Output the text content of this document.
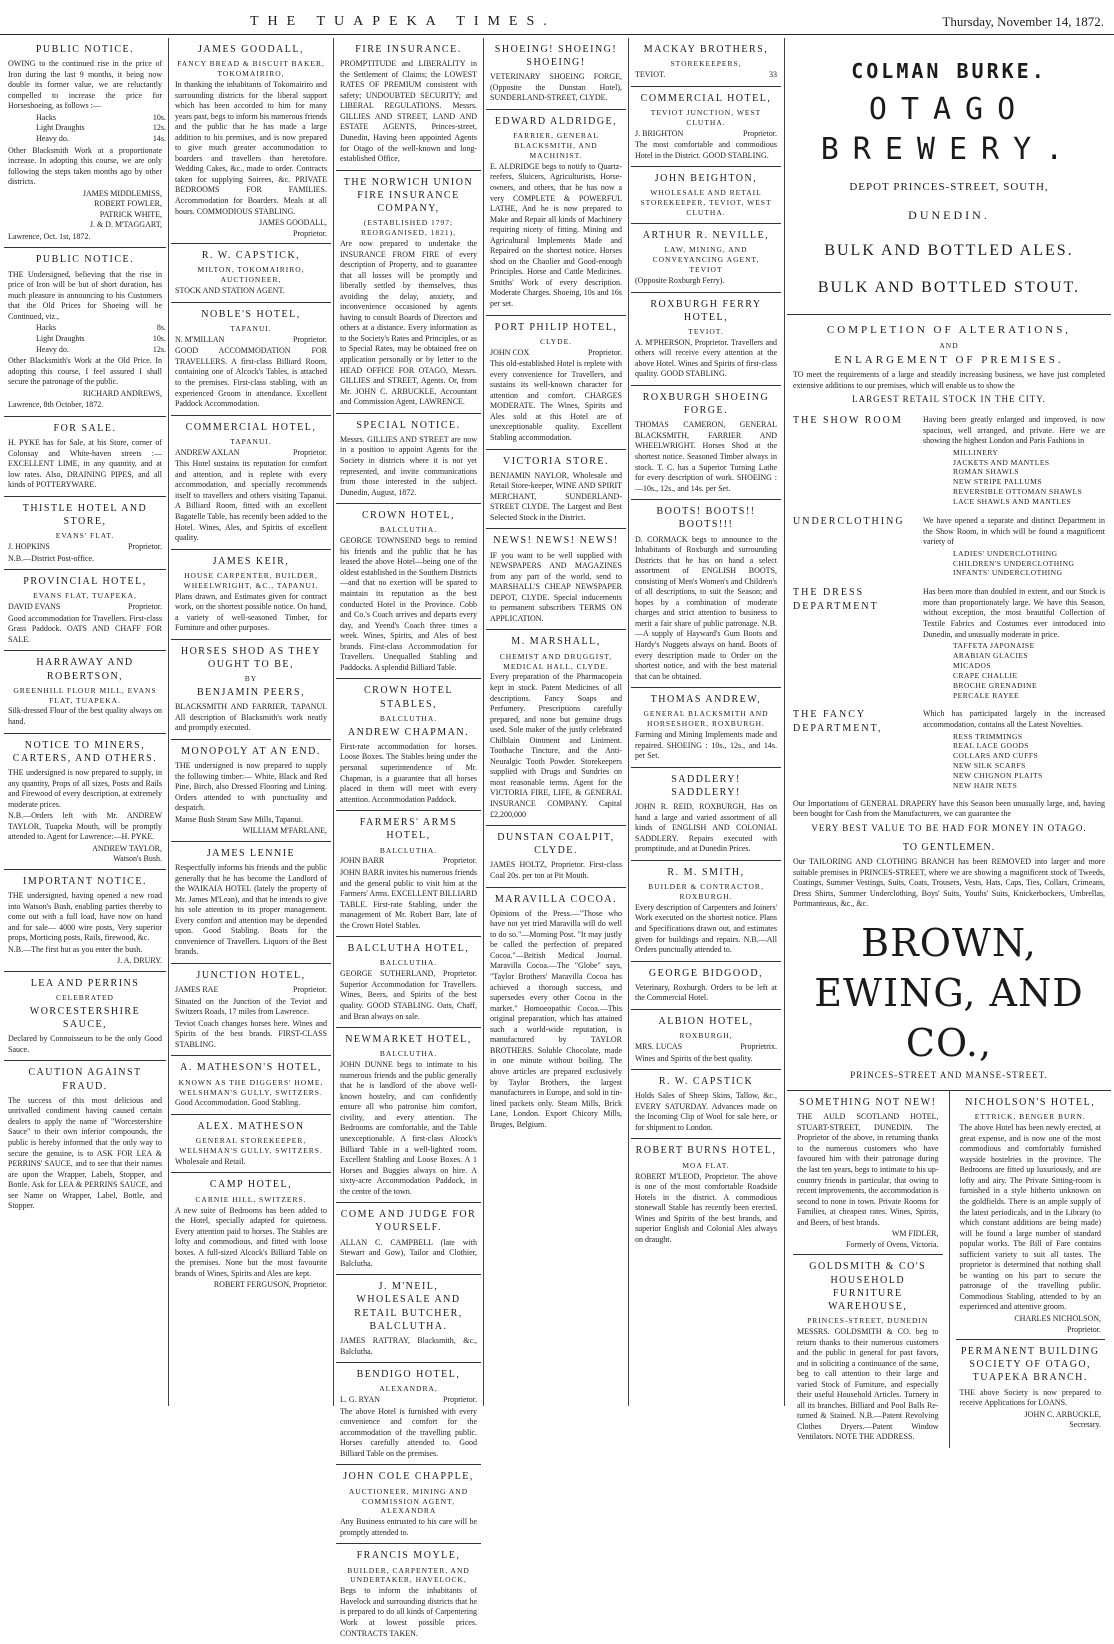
THE TUAPEKA TIMES.	Thursday, November 14, 1872.
PUBLIC NOTICE.
OWING to the continued rise in the price of Iron during the last 9 months, it being now double its former value, we are reluctantly compelled to increase the price for Horseshoeing, as follows :—
Hacks	10s.
Light Draughts	12s.
Heavy do.	14s.
Other Blacksmith Work at a proportionate increase. In adopting this course, we are only following the steps taken months ago by other districts.
JAMES MIDDLEMISS,
ROBERT FOWLER,
PATRICK WHITE,
J. & D. M'TAGGART,
Lawrence, Oct. 1st, 1872.
PUBLIC NOTICE.
THE Undersigned, believing that the rise in price of Iron will be but of short duration, has much pleasure in announcing to his Customers that the Old Prices for Shoeing will be Continued, viz.,
Hacks	8s.
Light Draughts	10s.
Heavy do.	12s.
Other Blacksmith's Work at the Old Price. In adopting this course, I feel assured I shall secure the patronage of the public.
RICHARD ANDREWS,
Lawrence, 8th October, 1872.
FOR SALE.
H. PYKE has for Sale, at his Store, corner of Colonsay and White-haven streets :— EXCELLENT LIME, in any quantity, and at low rates. Also, DRAINING PIPES, and all kinds of POTTERYWARE.
THISTLE HOTEL AND STORE,
EVANS' FLAT.
J. HOPKINS	Proprietor.
N.B.—District Post-office.
PROVINCIAL HOTEL,
EVANS FLAT, TUAPEKA,
DAVID EVANS	Proprietor.
Good accommodation for Travellers. First-class Grass Paddock. OATS AND CHAFF FOR SALE.
HARRAWAY AND ROBERTSON,
GREENHILL FLOUR MILL, EVANS FLAT, TUAPEKA.
Silk-dressed Flour of the best quality always on hand.
NOTICE TO MINERS, CARTERS, AND OTHERS.
THE undersigned is now prepared to supply, in any quantity, Props of all sizes, Posts and Rails and Firewood of every description, at extremely moderate prices.
N.B.—Orders left with Mr. ANDREW TAYLOR, Tuapeka Mouth, will be promptly attended to. Agent for Lawrence:—H. PYKE.
ANDREW TAYLOR,
Watson's Bush.
IMPORTANT NOTICE.
THE undersigned, having opened a new road into Watson's Bush, enabling parties thereby to come out with a full load, have now on hand and for sale— 4000 wire posts, Very superior props, Morticing posts, Rails, firewood, &c.
N.B.—The first hut as you enter the bush.
J. A. DRURY.
LEA AND PERRINS
CELEBRATED
WORCESTERSHIRE SAUCE,
Declared by Connoisseurs to be the only Good Sauce.
CAUTION AGAINST FRAUD.
The success of this most delicious and unrivalled condiment having caused certain dealers to apply the name of "Worcestershire Sauce" to their own inferior compounds, the public is hereby informed that the only way to secure the genuine, is to ASK FOR LEA & PERRINS' SAUCE, and to see that their names are upon the Wrapper, Labels, Stopper, and Bottle. Ask for LEA & PERRINS SAUCE, and see Name on Wrapper, Label, Bottle, and Stopper.
JAMES GOODALL,
FANCY BREAD & BISCUIT BAKER, TOKOMAIRIRO,
In thanking the inhabitants of Tokomairiro and surrounding districts for the liberal support which has been accorded to him for many years past, begs to inform his numerous friends and the public that he has made a large addition to his premises, and is now prepared to give much greater accommodation to boarders and travellers than heretofore. Wedding Cakes, &c., made to order. Contracts taken for supplying Soirees, &c. PRIVATE BEDROOMS FOR FAMILIES. Accommodation for Boarders. Meals at all hours. COMMODIOUS STABLING.
JAMES GOODALL,
Proprietor.
R. W. CAPSTICK,
MILTON, TOKOMAIRIRO, AUCTIONEER,
STOCK AND STATION AGENT.
NOBLE'S HOTEL,
TAPANUI.
N. M'MILLAN	Proprietor.
GOOD ACCOMMODATION FOR TRAVELLERS. A first-class Billiard Room, containing one of Alcock's Tables, is attached to the premises. First-class stabling, with an experienced Groom in attendance. Excellent Paddock Accommodation.
COMMERCIAL HOTEL,
TAPANUI.
ANDREW AXLAN	Proprietor.
This Hotel sustains its reputation for comfort and attention, and is replete with every accommodation, and specially recommends itself to travellers and others visiting Tapanui. A Billiard Room, fitted with an excellent Bagatelle Table, has recently been added to the Hotel. Wines, Ales, and Spirits of excellent quality.
JAMES KEIR,
HOUSE CARPENTER, BUILDER, WHEELWRIGHT, &C., TAPANUI.
Plans drawn, and Estimates given for contract work, on the shortest possible notice. On hand, a variety of well-seasoned Timber, for Furniture and other purposes.
HORSES SHOD AS THEY OUGHT TO BE,
BY
BENJAMIN PEERS,
BLACKSMITH AND FARRIER, TAPANUI. All description of Blacksmith's work neatly and promptly executed.
MONOPOLY AT AN END.
THE undersigned is now prepared to supply the following timber:— White, Black and Red Pine, Birch, also Dressed Flooring and Lining. Orders attended to with punctuality and despatch.
Manse Bush Steam Saw Mills, Tapanui.
WILLIAM M'FARLANE,
JAMES LENNIE
Respectfully informs his friends and the public generally that he has become the Landlord of the WAIKAIA HOTEL (lately the property of Mr. James M'Lean), and that he intends to give his sole attention to its proper management. Every comfort and attention may be depended upon. Good Stabling. Boats for the convenience of Travellers. Liquors of the Best brands.
JUNCTION HOTEL,
JAMES RAE	Proprietor.
Situated on the Junction of the Teviot and Switzers Roads, 17 miles from Lawrence.
Teviot Coach changes horses here. Wines and Spirits of the best brands. FIRST-CLASS STABLING.
A. MATHESON'S HOTEL,
KNOWN AS THE DIGGERS' HOME, WELSHMAN'S GULLY, SWITZERS.
Good Accommodation. Good Stabling.
ALEX. MATHESON
GENERAL STOREKEEPER, WELSHMAN'S GULLY, SWITZERS.
Wholesale and Retail.
CAMP HOTEL,
CARNIE HILL, SWITZERS.
A new suite of Bedrooms has been added to the Hotel, specially adapted for quietness. Every attention paid to horses. The Stables are lofty and commodious, and fitted with loose boxes. A full-sized Alcock's Billiard Table on the premises. None but the most favourite brands of Wines, Spirits and Ales are kept.
ROBERT FERGUSON, Proprietor.
FIRE INSURANCE.
PROMPTITUDE and LIBERALITY in the Settlement of Claims; the LOWEST RATES OF PREMIUM consistent with safety; UNDOUBTED SECURITY; and LIBERAL REGULATIONS. Messrs. GILLIES AND STREET, LAND AND ESTATE AGENTS, Princes-street, Dunedin, Having been appointed Agents for Otago of the well-known and long-established Office,
THE NORWICH UNION FIRE INSURANCE COMPANY,
(ESTABLISHED 1797; REORGANISED, 1821),
Are now prepared to undertake the INSURANCE FROM FIRE of every description of Property, and to guarantee that all losses will be promptly and liberally settled by themselves, thus avoiding the delay, anxiety, and inconvenience occasioned by agents having to consult Boards of Directors and others at a distance. Every information as to the Society's Rates and Principles, or as to Special Rates, may be obtained free on application personally or by letter to the HEAD OFFICE FOR OTAGO, Messrs. GILLIES and STREET, Agents. Or, from Mr. JOHN C. ARBUCKLE, Accountant and Commission Agent, LAWRENCE.
SPECIAL NOTICE.
Messrs. GILLIES AND STREET are now in a position to appoint Agents for the Society in districts where it is not yet represented, and invite communications from those interested in the subject. Dunedin, August, 1872.
CROWN HOTEL,
BALCLUTHA.
GEORGE TOWNSEND begs to remind his friends and the public that he has leased the above Hotel—being one of the oldest established in the Southern Districts—and that no exertion will be spared to maintain its reputation as the best conducted Hotel in the Province. Cobb and Co.'s Coach arrives and departs every day, and Yeend's Coach three times a week. Wines, Spirits, and Ales of best brands. First-class Accommodation for Travellers. Unequalled Stabling and Paddocks. A splendid Billiard Table.
CROWN HOTEL STABLES,
BALCLUTHA.
ANDREW CHAPMAN.
First-rate accommodation for horses. Loose Boxes. The Stables being under the personal superintendence of Mr. Chapman, is a guarantee that all horses placed in them will meet with every attention. Accommodation Paddock.
FARMERS' ARMS HOTEL,
BALCLUTHA.
JOHN BARR	Proprietor.
JOHN BARR invites his numerous friends and the general public to visit him at the Farmers' Arms. EXCELLENT BILLIARD TABLE. First-rate Stabling, under the management of Mr. Robert Barr, late of the Crown Hotel Stables.
BALCLUTHA HOTEL,
BALCLUTHA.
GEORGE SUTHERLAND, Proprietor. Superior Accommodation for Travellers. Wines, Beers, and Spirits of the best quality. GOOD STABLING. Oats, Chaff, and Bran always on sale.
NEWMARKET HOTEL,
BALCLUTHA.
JOHN DUNNE begs to intimate to his numerous friends and the public generally that he is landlord of the above well-known hostelry, and can confidently ensure all who patronise him comfort, civility, and every attention. The Bedrooms are comfortable, and the Table unexceptionable. A first-class Alcock's Billiard Table in a well-lighted room. Excellent Stabling and Loose Boxes. A 1 Horses and Buggies always on hire. A sixty-acre Accommodation Paddock, in the centre of the town.
COME AND JUDGE FOR YOURSELF.
ALLAN C. CAMPBELL (late with Stewart and Gow), Tailor and Clothier, Balclutha.
J. M'NEIL, WHOLESALE AND RETAIL BUTCHER, BALCLUTHA.
JAMES RATTRAY, Blacksmith, &c., Balclutha.
BENDIGO HOTEL,
ALEXANDRA,
L. G. RYAN	Proprietor.
The above Hotel is furnished with every convenience and comfort for the accommodation of the travelling public. Horses carefully attended to. Good Billiard Table on the premises.
JOHN COLE CHAPPLE,
AUCTIONEER, MINING AND COMMISSION AGENT, ALEXANDRA
Any Business entrusted to his care will be promptly attended to.
FRANCIS MOYLE,
BUILDER, CARPENTER, AND UNDERTAKER, HAVELOCK,
Begs to inform the inhabitants of Havelock and surrounding districts that he is prepared to do all kinds of Carpentering Work at lowest possible prices. CONTRACTS TAKEN.
SHOEING! SHOEING! SHOEING!
VETERINARY SHOEING FORGE, (Opposite the Dunstan Hotel), SUNDERLAND-STREET, CLYDE.
EDWARD ALDRIDGE,
FARRIER, GENERAL BLACKSMITH, AND MACHINIST.
E. ALDRIDGE begs to notify to Quartz-reefers, Sluicers, Agriculturists, Horse-owners, and others, that he has now a very COMPLETE & POWERFUL LATHE, And he is now prepared to Make and Repair all kinds of Machinery requiring nicety of fitting. Mining and Agricultural Implements Made and Repaired on the shortest notice. Horses shod on the Chaolier and Good-enough Principles. Horse and Cattle Medicines. Smiths' Work of every description. Moderate Charges. Shoeing, 10s and 16s per set.
PORT PHILIP HOTEL,
CLYDE.
JOHN COX	Proprietor.
This old-established Hotel is replete with every convenience for Travellers, and sustains its well-known character for attention and comfort. CHARGES MODERATE. The Wines, Spirits and Ales sold at this Hotel are of unexceptionable quality. Excellent Stabling accommodation.
VICTORIA STORE.
BENJAMIN NAYLOR, Wholesale and Retail Store-keeper, WINE AND SPIRIT MERCHANT, SUNDERLAND-STREET CLYDE. The Largest and Best Selected Stock in the District.
NEWS! NEWS! NEWS!
IF you want to be well supplied with NEWSPAPERS AND MAGAZINES from any part of the world, send to MARSHALL'S CHEAP NEWSPAPER DEPOT, CLYDE. Special inducements to permanent subscribers TERMS ON APPLICATION.
M. MARSHALL,
CHEMIST AND DRUGGIST, MEDICAL HALL, CLYDE.
Every preparation of the Pharmacopeia kept in stock. Patent Medicines of all descriptions. Fancy Soaps and Perfumery. Prescriptions carefully prepared, and none but genuine drugs used. Sole maker of the justly celebrated Chilblain Ointment and Liniment. Toothache Tincture, and the Anti-Neuralgic Tooth Powder. Storekeepers supplied with Drugs and Sundries on most reasonable terms. Agent for the VICTORIA FIRE, LIFE, & GENERAL INSURANCE COMPANY. Capital £2,200,000
DUNSTAN COALPIT, CLYDE.
JAMES HOLTZ, Proprietor. First-class Coal 20s. per ton at Pit Mouth.
MARAVILLA COCOA.
Opinions of the Press.—"Those who have not yet tried Maravilla will do well to do so."—Morning Post. "It may justly be called the perfection of prepared Cocoa."—British Medical Journal. Maravilla Cocoa.—The "Globe" says, "Taylor Brothers' Maravilla Cocoa has achieved a thorough success, and supersedes every other Cocoa in the market." Homoeopathic Cocoa.—This original preparation, which has attained such a world-wide reputation, is manufactured by TAYLOR BROTHERS. Soluble Chocolate, made in one minute without boiling. The above articles are prepared exclusively by Taylor Brothers, the largest manufacturers in Europe, and sold in tin-lined packets only. Steam Mills, Brick Lane, London. Export Chicory Mills, Bruges, Belgium.
MACKAY BROTHERS,
STOREKEEPERS,
TEVIOT.	33
COMMERCIAL HOTEL,
TEVIOT JUNCTION, WEST CLUTHA.
J. BRIGHTON	Proprietor.
The most comfortable and commodious Hotel in the District. GOOD STABLING.
JOHN BEIGHTON,
WHOLESALE AND RETAIL STOREKEEPER, TEVIOT, WEST CLUTHA.
ARTHUR R. NEVILLE,
LAW, MINING, AND CONVEYANCING AGENT, TEVIOT
(Opposite Roxburgh Ferry).
ROXBURGH FERRY HOTEL,
TEVIOT.
A. M'PHERSON, Proprietor. Travellers and others will receive every attention at the above Hotel. Wines and Spirits of first-class quality. GOOD STABLING.
ROXBURGH SHOEING FORGE.
THOMAS CAMERON, GENERAL BLACKSMITH, FARRIER AND WHEELWRIGHT. Horses Shod at the shortest notice. Seasoned Timber always in stock. T. C. has a Superior Turning Lathe for every description of work. SHOEING :—10s., 12s., and 14s. per Set.
BOOTS! BOOTS!! BOOTS!!!
D. CORMACK begs to announce to the Inhabitants of Roxburgh and surrounding Districts that he has on hand a select assortment of ENGLISH BOOTS, consisting of Men's Women's and Children's of all descriptions, to suit the Season; and hopes by a combination of moderate charges and strict attention to business to merit a fair share of public patronage. N.B.—A supply of Hayward's Gum Boots and Hardy's Nuggets always on hand. Boots of every description made to Order on the shortest notice, and with the best material that can be obtained.
THOMAS ANDREW,
GENERAL BLACKSMITH AND HORSESHOER, ROXBURGH.
Farming and Mining Implements made and repaired. SHOEING : 10s., 12s., and 14s. per Set.
SADDLERY! SADDLERY!
JOHN R. REID, ROXBURGH, Has on hand a large and varied assortment of all kinds of ENGLISH AND COLONIAL SADDLERY. Repairs executed with promptitude, and at Dunedin Prices.
R. M. SMITH,
BUILDER & CONTRACTOR, ROXBURGH.
Every description of Carpenters and Joiners' Work executed on the shortest notice. Plans and Specifications drawn out, and estimates given for buildings and repairs. N.B.—All Orders punctually attended to.
GEORGE BIDGOOD,
Veterinary, Roxburgh. Orders to be left at the Commercial Hotel.
ALBION HOTEL,
ROXBURGH,
MRS. LUCAS	Proprietrix.
Wines and Spirits of the best quality.
R. W. CAPSTICK
Holds Sales of Sheep Skins, Tallow, &c., EVERY SATURDAY. Advances made on the Incoming Clip of Wool for sale here, or for shipment to London.
ROBERT BURNS HOTEL,
MOA FLAT.
ROBERT M'LEOD, Proprietor. The above is one of the most comfortable Roadside Hotels in the district. A commodious stonewall Stable has recently been erected. Wines and Spirits of the best brands, and superior English and Colonial Ales always on draught.
COLMAN BURKE.
OTAGO BREWERY.
DEPOT PRINCES-STREET, SOUTH,
DUNEDIN.
BULK AND BOTTLED ALES.
BULK AND BOTTLED STOUT.
COMPLETION OF ALTERATIONS,
AND
ENLARGEMENT OF PREMISES.
TO meet the requirements of a large and steadily increasing business, we have just completed extensive additions to our premises, which will enable us to show the
LARGEST RETAIL STOCK IN THE CITY.
THE SHOW ROOM	Having been greatly enlarged and improved, is now spacious, well arranged, and private. Here we are showing the highest London and Paris Fashions in
MILLINERY
JACKETS AND MANTLES
ROMAN SHAWLS
NEW STRIPE PALLUMS
REVERSIBLE OTTOMAN SHAWLS
LACE SHAWLS AND MANTLES
UNDERCLOTHING	We have opened a separate and distinct Department in the Show Room, in which will be found a magnificent variety of
LADIES' UNDERCLOTHING
CHILDREN'S UNDERCLOTHING
INFANTS' UNDERCLOTHING
THE DRESS DEPARTMENT
Has been more than doubled in extent, and our Stock is more than proportionately large. We have this Season, without exception, the most beautiful Collection of Textile Fabrics and Costumes ever introduced into Dunedin, and unusually moderate in price.
TAFFETA JAPONAISE
ARABIAN GLACIES
MICADOS
CRAPE CHALLIE
BROCHE GRENADINE
PERCALE RAYEE
THE FANCY DEPARTMENT,
Which has participated largely in the increased accommodation, contains all the Latest Novelties.
RESS TRIMMINGS
REAL LACE GOODS
COLLARS AND CUFFS
NEW SILK SCARFS
NEW CHIGNON PLAITS
NEW HAIR NETS
Our Importations of GENERAL DRAPERY have this Season been unusually large, and, having been bought for Cash from the Manufacturers, we can guarantee the
VERY BEST VALUE TO BE HAD FOR MONEY IN OTAGO.
TO GENTLEMEN.
Our TAILORING AND CLOTHING BRANCH has been REMOVED into larger and more suitable premises in PRINCES-STREET, where we are showing a magnificent stock of Tweeds, Coatings, Summer Vestings, Suits, Coats, Trousers, Vests, Hats, Caps, Ties, Collars, Crimeans, Dress Shirts, Summer Underclothing, Boys' Suits, Youths' Suits, Knickerbockers, Umbrellas, Portmanteaus, &c., &c.
BROWN, EWING, AND CO.,
PRINCES-STREET AND MANSE-STREET.
SOMETHING NOT NEW!
THE AULD SCOTLAND HOTEL, STUART-STREET, DUNEDIN. The Proprietor of the above, in returning thanks to the numerous customers who have favoured him with their patronage during the last ten years, begs to intimate to his up-country friends in particular, that owing to recent improvements, the accommodation is second to none in town. Private Rooms for Families, at cheapest rates. Wines, Spirits, and Beers, of best brands.
WM FIDLER,
Formerly of Ovens, Victoria.
GOLDSMITH & CO'S HOUSEHOLD FURNITURE WAREHOUSE,
PRINCES-STREET, DUNEDIN
MESSRS. GOLDSMITH & CO. beg to return thanks to their numerous customers and the public in general for past favors, and in soliciting a continuance of the same, beg to call attention to their large and varied Stock of Furniture, and especially their useful Household Articles. Turnery in all its branches. Billiard and Pool Balls Re-turned & Stained. N.B.—Patent Revolving Clothes Dryers.—Patent Window Ventilators. NOTE THE ADDRESS.
NICHOLSON'S HOTEL,
ETTRICK, BENGER BURN.
The above Hotel has been newly erected, at great expense, and is now one of the most commodious and comfortably furnished wayside hostelries in the province. The Bedrooms are fitted up luxuriously, and are lofty and airy. The Private Sitting-room is furnished in a style hitherto unknown on the goldfields. There is an ample supply of the latest periodicals, and in the Library (to which constant additions are being made) will be found a large number of standard popular works. The Bill of Fare contains sufficient variety to suit all tastes. The proprietor is determined that nothing shall be wanting on his part to secure the patronage of the travelling public. Commodious Stabling, attended to by an experienced and attentive groom.
CHARLES NICHOLSON,
Proprietor.
PERMANENT BUILDING SOCIETY OF OTAGO, TUAPEKA BRANCH.
THE above Society is now prepared to receive Applications for LOANS.
JOHN C. ARBUCKLE,
Secretary.
